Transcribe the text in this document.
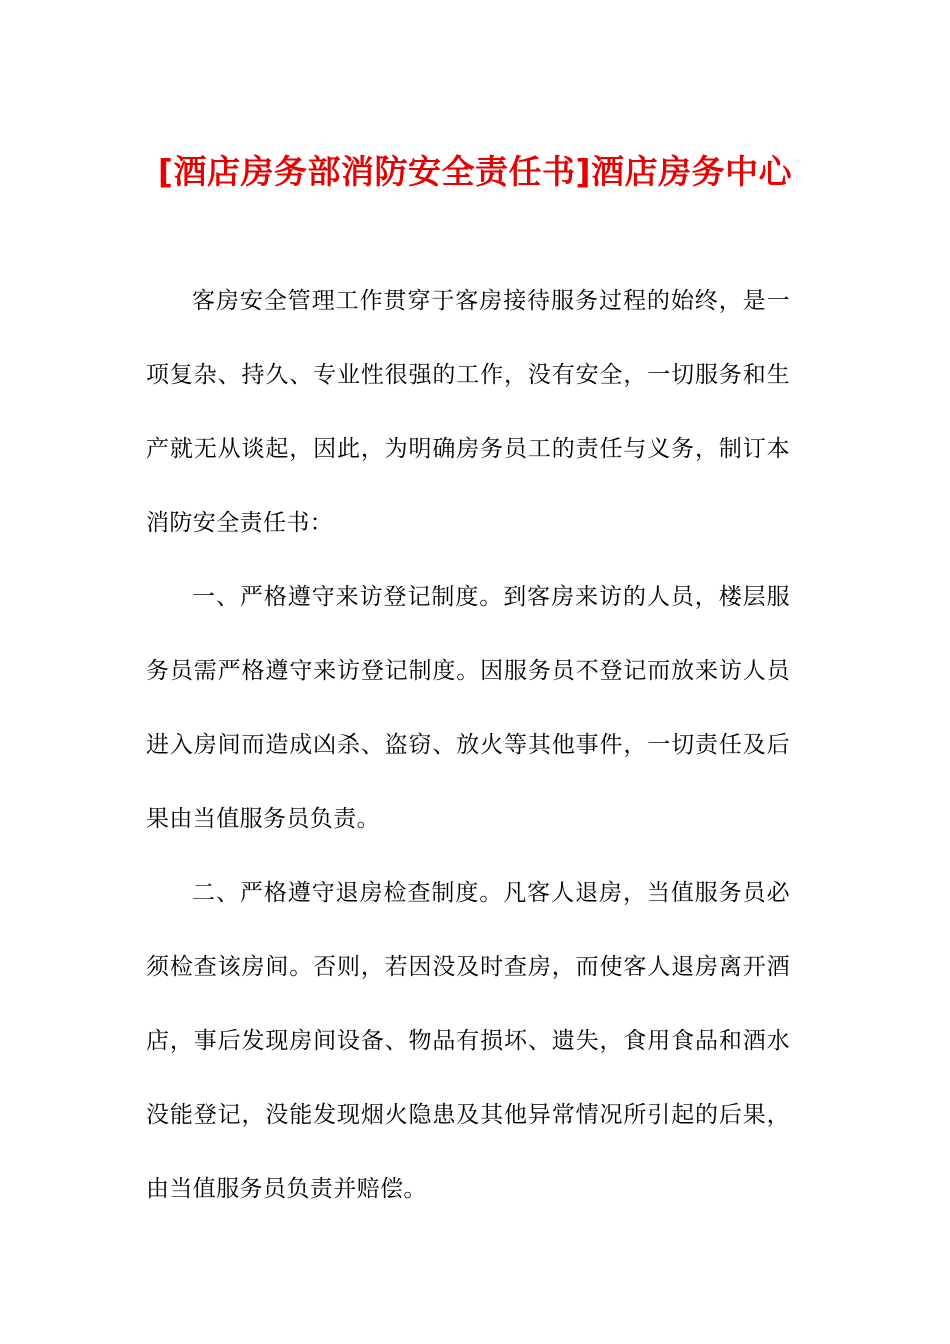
[酒店房务部消防安全责任书]酒店房务中心

客房安全管理工作贯穿于客房接待服务过程的始终，是一项复杂、持久、专业性很强的工作，没有安全，一切服务和生产就无从谈起，因此，为明确房务员工的责任与义务，制订本消防安全责任书：

一、严格遵守来访登记制度。到客房来访的人员，楼层服务员需严格遵守来访登记制度。因服务员不登记而放来访人员进入房间而造成凶杀、盗窃、放火等其他事件，一切责任及后果由当值服务员负责。

二、严格遵守退房检查制度。凡客人退房，当值服务员必须检查该房间。否则，若因没及时查房，而使客人退房离开酒店，事后发现房间设备、物品有损坏、遗失，食用食品和酒水没能登记，没能发现烟火隐患及其他异常情况所引起的后果，由当值服务员负责并赔偿。
